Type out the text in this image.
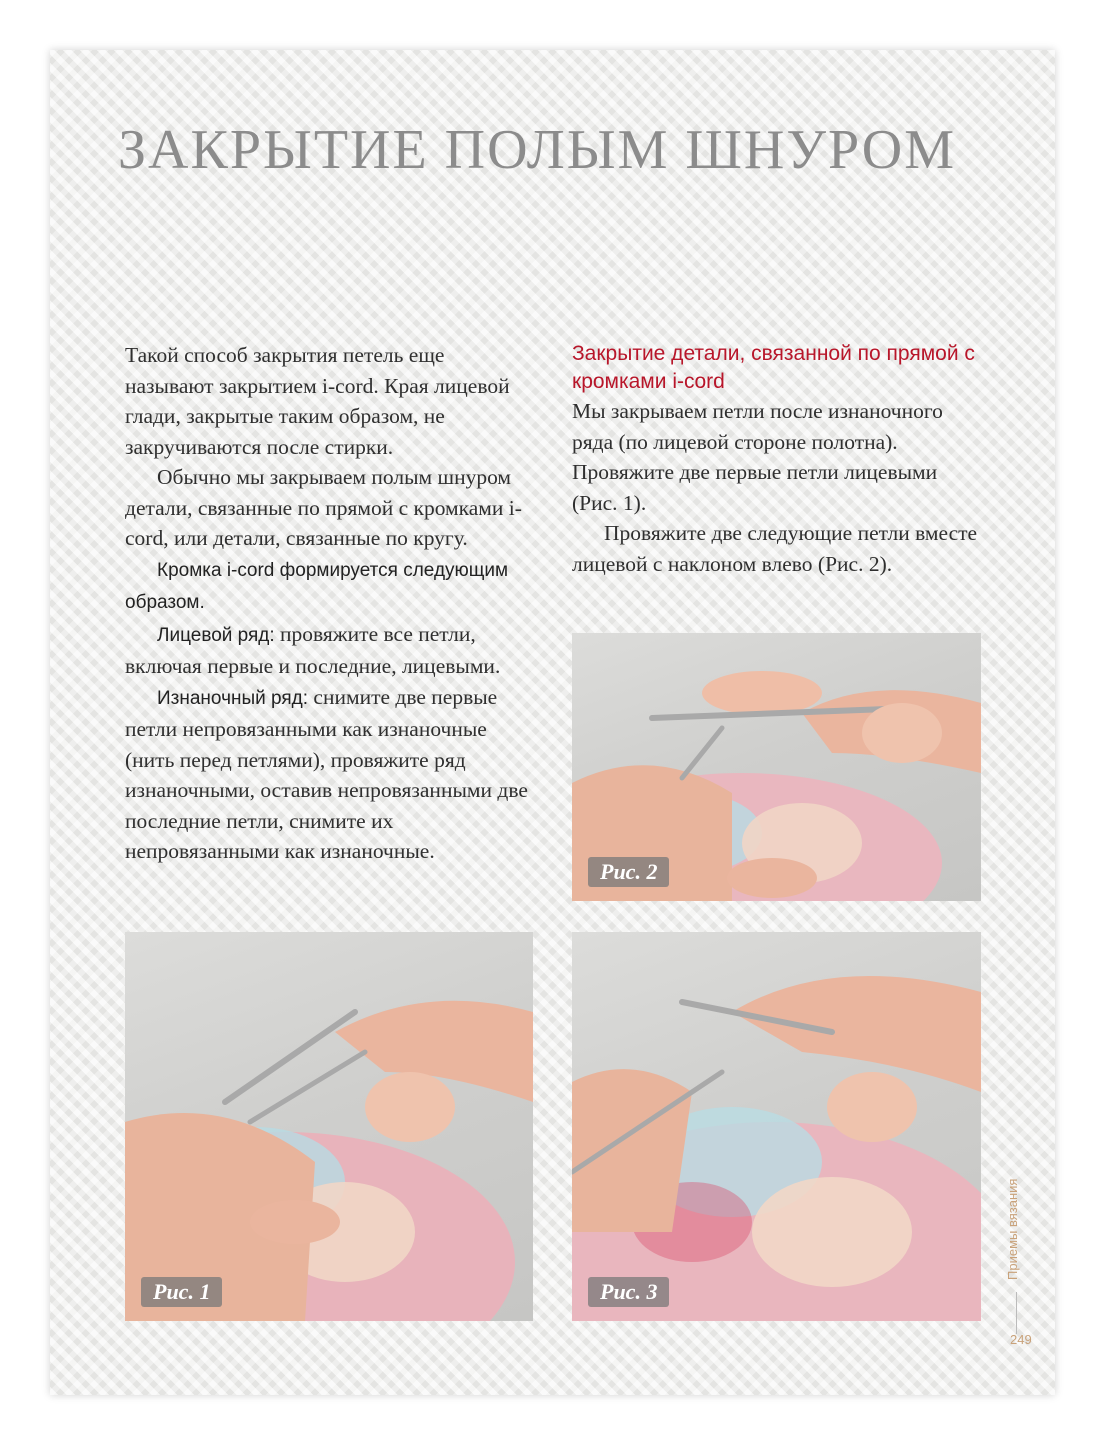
ЗАКРЫТИЕ ПОЛЫМ ШНУРОМ

Такой способ закрытия петель еще называют закрытием i-cord. Края лицевой глади, закрытые таким образом, не закручиваются после стирки.

Обычно мы закрываем полым шнуром детали, связанные по прямой с кромками i-cord, или детали, связанные по кругу.

Кромка i-cord формируется следующим образом.

Лицевой ряд: провяжите все петли, включая первые и последние, лицевыми.

Изнаночный ряд: снимите две первые петли непровязанными как изнаночные (нить перед петлями), провяжите ряд изнаночными, оставив непровязанными две последние петли, снимите их непровязанными как изнаночные.

Закрытие детали, связанной по прямой с кромками i-cord

Мы закрываем петли после изнаночного ряда (по лицевой стороне полотна). Провяжите две первые петли лицевыми (Рис. 1).

Провяжите две следующие петли вместе лицевой с наклоном влево (Рис. 2).

Рис. 2
Рис. 1	Рис. 3
Приемы вязания
249
